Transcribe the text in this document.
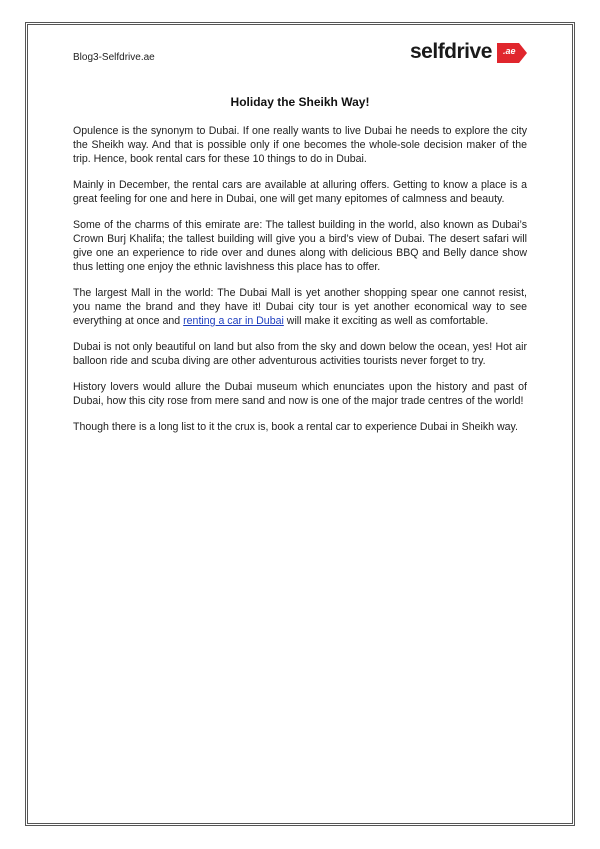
Blog3-Selfdrive.ae	selfdrive .ae
Holiday the Sheikh Way!

Opulence is the synonym to Dubai. If one really wants to live Dubai he needs to explore the city the Sheikh way. And that is possible only if one becomes the whole-sole decision maker of the trip. Hence, book rental cars for these 10 things to do in Dubai.

Mainly in December, the rental cars are available at alluring offers. Getting to know a place is a great feeling for one and here in Dubai, one will get many epitomes of calmness and beauty.

Some of the charms of this emirate are: The tallest building in the world, also known as Dubai’s Crown Burj Khalifa; the tallest building will give you a bird’s view of Dubai. The desert safari will give one an experience to ride over and dunes along with delicious BBQ and Belly dance show thus letting one enjoy the ethnic lavishness this place has to offer.

The largest Mall in the world: The Dubai Mall is yet another shopping spear one cannot resist, you name the brand and they have it! Dubai city tour is yet another economical way to see everything at once and renting a car in Dubai will make it exciting as well as comfortable.

Dubai is not only beautiful on land but also from the sky and down below the ocean, yes! Hot air balloon ride and scuba diving are other adventurous activities tourists never forget to try.

History lovers would allure the Dubai museum which enunciates upon the history and past of Dubai, how this city rose from mere sand and now is one of the major trade centres of the world!

Though there is a long list to it the crux is, book a rental car to experience Dubai in Sheikh way.
